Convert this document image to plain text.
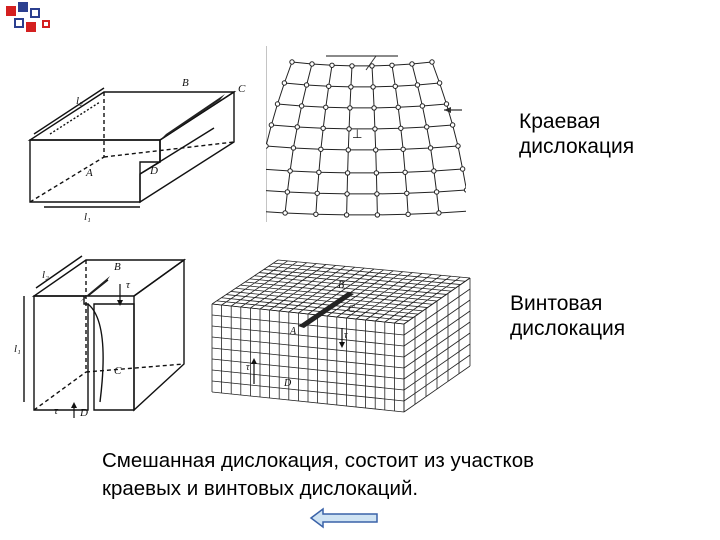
l₂
B	C
A	D
l₁
⊥
l₂
B
τ
l₁
C
τ D
B
C
A	τ
τ
D
Краевая
дислокация
Винтовая
дислокация
Смешанная дислокация, состоит из участков
краевых и винтовых дислокаций.
